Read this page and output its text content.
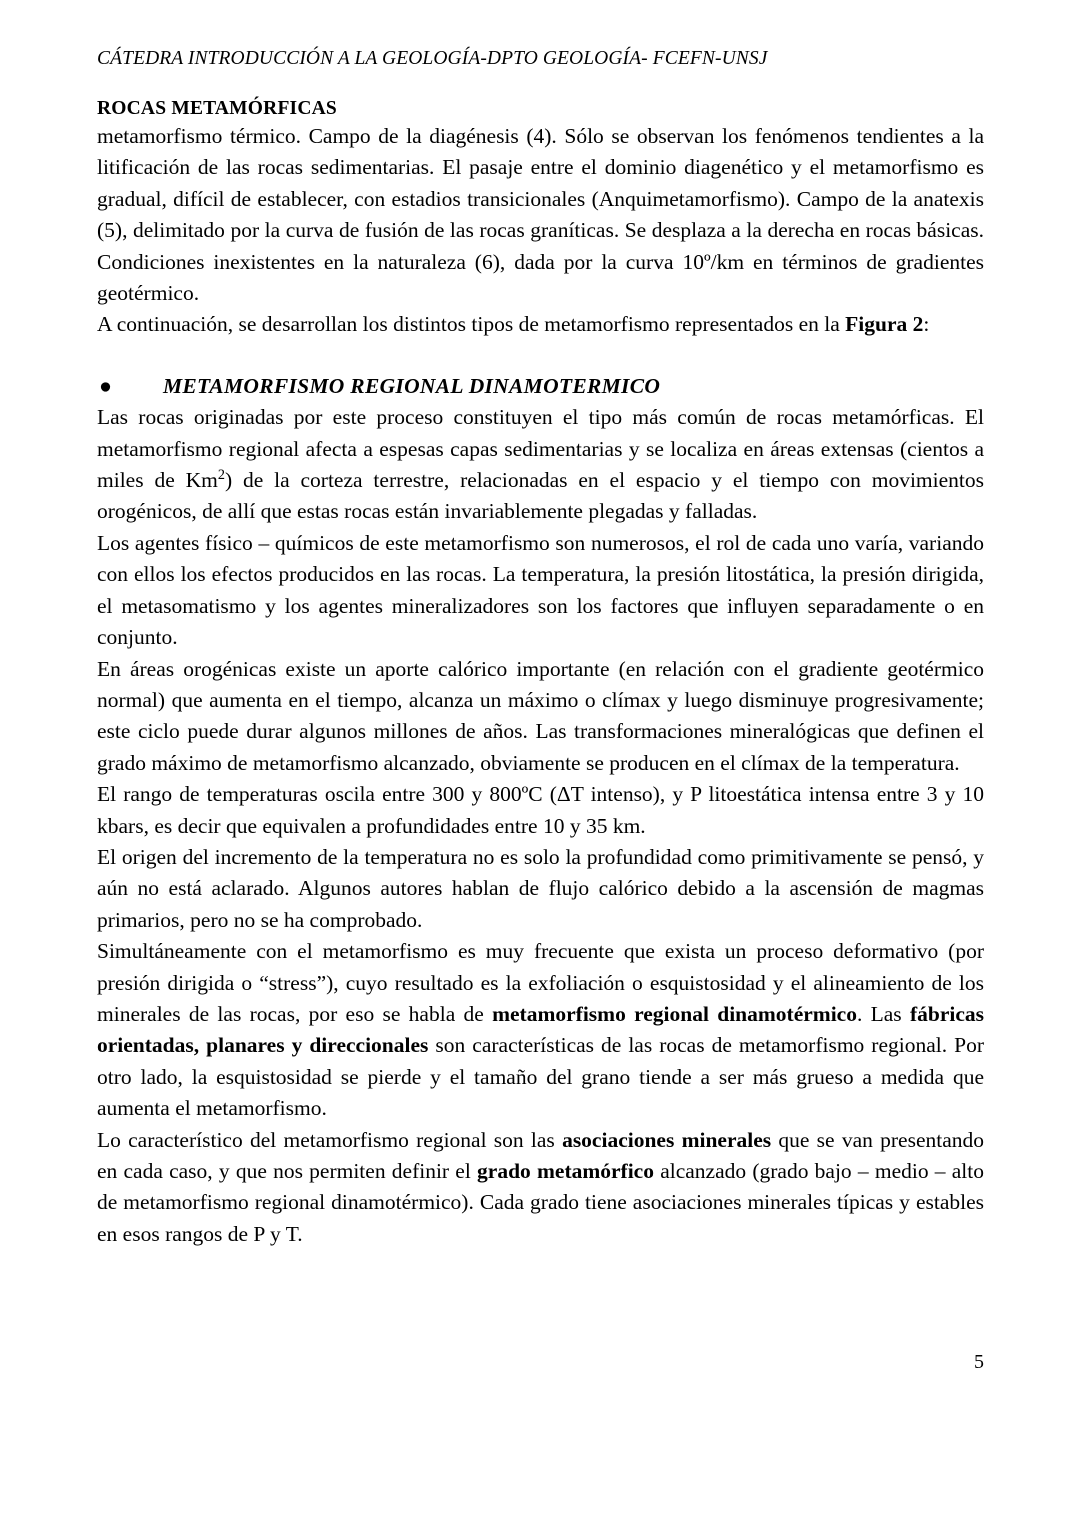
CÁTEDRA INTRODUCCIÓN A LA GEOLOGÍA-DPTO GEOLOGÍA- FCEFN-UNSJ
ROCAS METAMÓRFICAS

metamorfismo térmico. Campo de la diagénesis (4). Sólo se observan los fenómenos tendientes a la litificación de las rocas sedimentarias. El pasaje entre el dominio diagenético y el metamorfismo es gradual, difícil de establecer, con estadios transicionales (Anquimetamorfismo). Campo de la anatexis (5), delimitado por la curva de fusión de las rocas graníticas. Se desplaza a la derecha en rocas básicas. Condiciones inexistentes en la naturaleza (6), dada por la curva 10º/km en términos de gradientes geotérmico.

A continuación, se desarrollan los distintos tipos de metamorfismo representados en la Figura 2:

● METAMORFISMO REGIONAL DINAMOTERMICO

Las rocas originadas por este proceso constituyen el tipo más común de rocas metamórficas. El metamorfismo regional afecta a espesas capas sedimentarias y se localiza en áreas extensas (cientos a miles de Km$^2$) de la corteza terrestre, relacionadas en el espacio y el tiempo con movimientos orogénicos, de allí que estas rocas están invariablemente plegadas y falladas.

Los agentes físico – químicos de este metamorfismo son numerosos, el rol de cada uno varía, variando con ellos los efectos producidos en las rocas. La temperatura, la presión litostática, la presión dirigida, el metasomatismo y los agentes mineralizadores son los factores que influyen separadamente o en conjunto.

En áreas orogénicas existe un aporte calórico importante (en relación con el gradiente geotérmico normal) que aumenta en el tiempo, alcanza un máximo o clímax y luego disminuye progresivamente; este ciclo puede durar algunos millones de años. Las transformaciones mineralógicas que definen el grado máximo de metamorfismo alcanzado, obviamente se producen en el clímax de la temperatura.

El rango de temperaturas oscila entre 300 y 800ºC (ΔT intenso), y P litoestática intensa entre 3 y 10 kbars, es decir que equivalen a profundidades entre 10 y 35 km.

El origen del incremento de la temperatura no es solo la profundidad como primitivamente se pensó, y aún no está aclarado. Algunos autores hablan de flujo calórico debido a la ascensión de magmas primarios, pero no se ha comprobado.

Simultáneamente con el metamorfismo es muy frecuente que exista un proceso deformativo (por presión dirigida o “stress”), cuyo resultado es la exfoliación o esquistosidad y el alineamiento de los minerales de las rocas, por eso se habla de metamorfismo regional dinamotérmico. Las fábricas orientadas, planares y direccionales son características de las rocas de metamorfismo regional. Por otro lado, la esquistosidad se pierde y el tamaño del grano tiende a ser más grueso a medida que aumenta el metamorfismo.

Lo característico del metamorfismo regional son las asociaciones minerales que se van presentando en cada caso, y que nos permiten definir el grado metamórfico alcanzado (grado bajo – medio – alto de metamorfismo regional dinamotérmico). Cada grado tiene asociaciones minerales típicas y estables en esos rangos de P y T.

5
